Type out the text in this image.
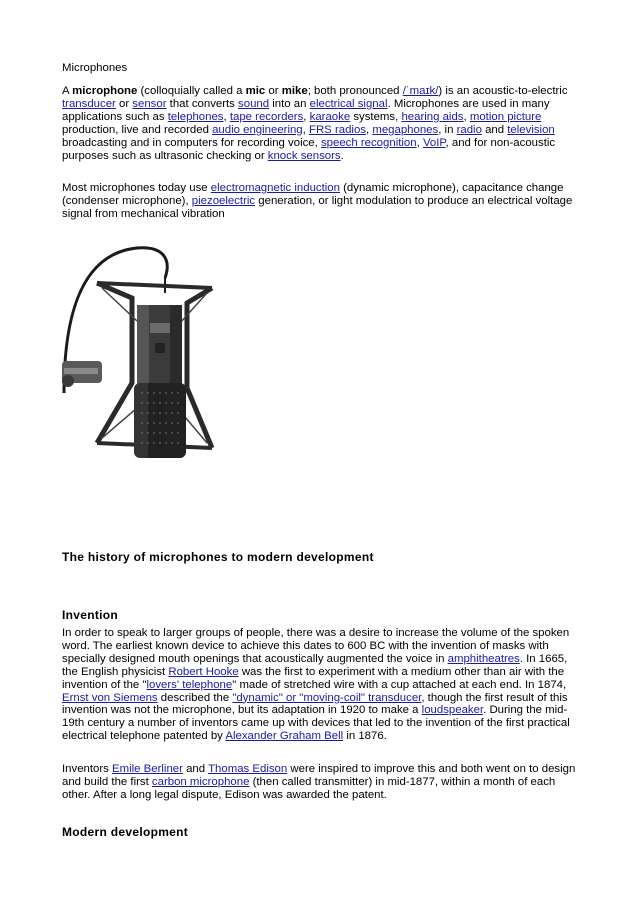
Microphones

A microphone (colloquially called a mic or mike; both pronounced /ˈmaɪk/) is an acoustic-to-electric transducer or sensor that converts sound into an electrical signal. Microphones are used in many applications such as telephones, tape recorders, karaoke systems, hearing aids, motion picture production, live and recorded audio engineering, FRS radios, megaphones, in radio and television broadcasting and in computers for recording voice, speech recognition, VoIP, and for non-acoustic purposes such as ultrasonic checking or knock sensors.

Most microphones today use electromagnetic induction (dynamic microphone), capacitance change (condenser microphone), piezoelectric generation, or light modulation to produce an electrical voltage signal from mechanical vibration

The history of microphones to modern development
Invention

In order to speak to larger groups of people, there was a desire to increase the volume of the spoken word. The earliest known device to achieve this dates to 600 BC with the invention of masks with specially designed mouth openings that acoustically augmented the voice in amphitheatres. In 1665, the English physicist Robert Hooke was the first to experiment with a medium other than air with the invention of the "lovers' telephone" made of stretched wire with a cup attached at each end. In 1874, Ernst von Siemens described the "dynamic" or "moving-coil" transducer, though the first result of this invention was not the microphone, but its adaptation in 1920 to make a loudspeaker. During the mid-19th century a number of inventors came up with devices that led to the invention of the first practical electrical telephone patented by Alexander Graham Bell in 1876.

Inventors Emile Berliner and Thomas Edison were inspired to improve this and both went on to design and build the first carbon microphone (then called transmitter) in mid-1877, within a month of each other. After a long legal dispute, Edison was awarded the patent.

Modern development
